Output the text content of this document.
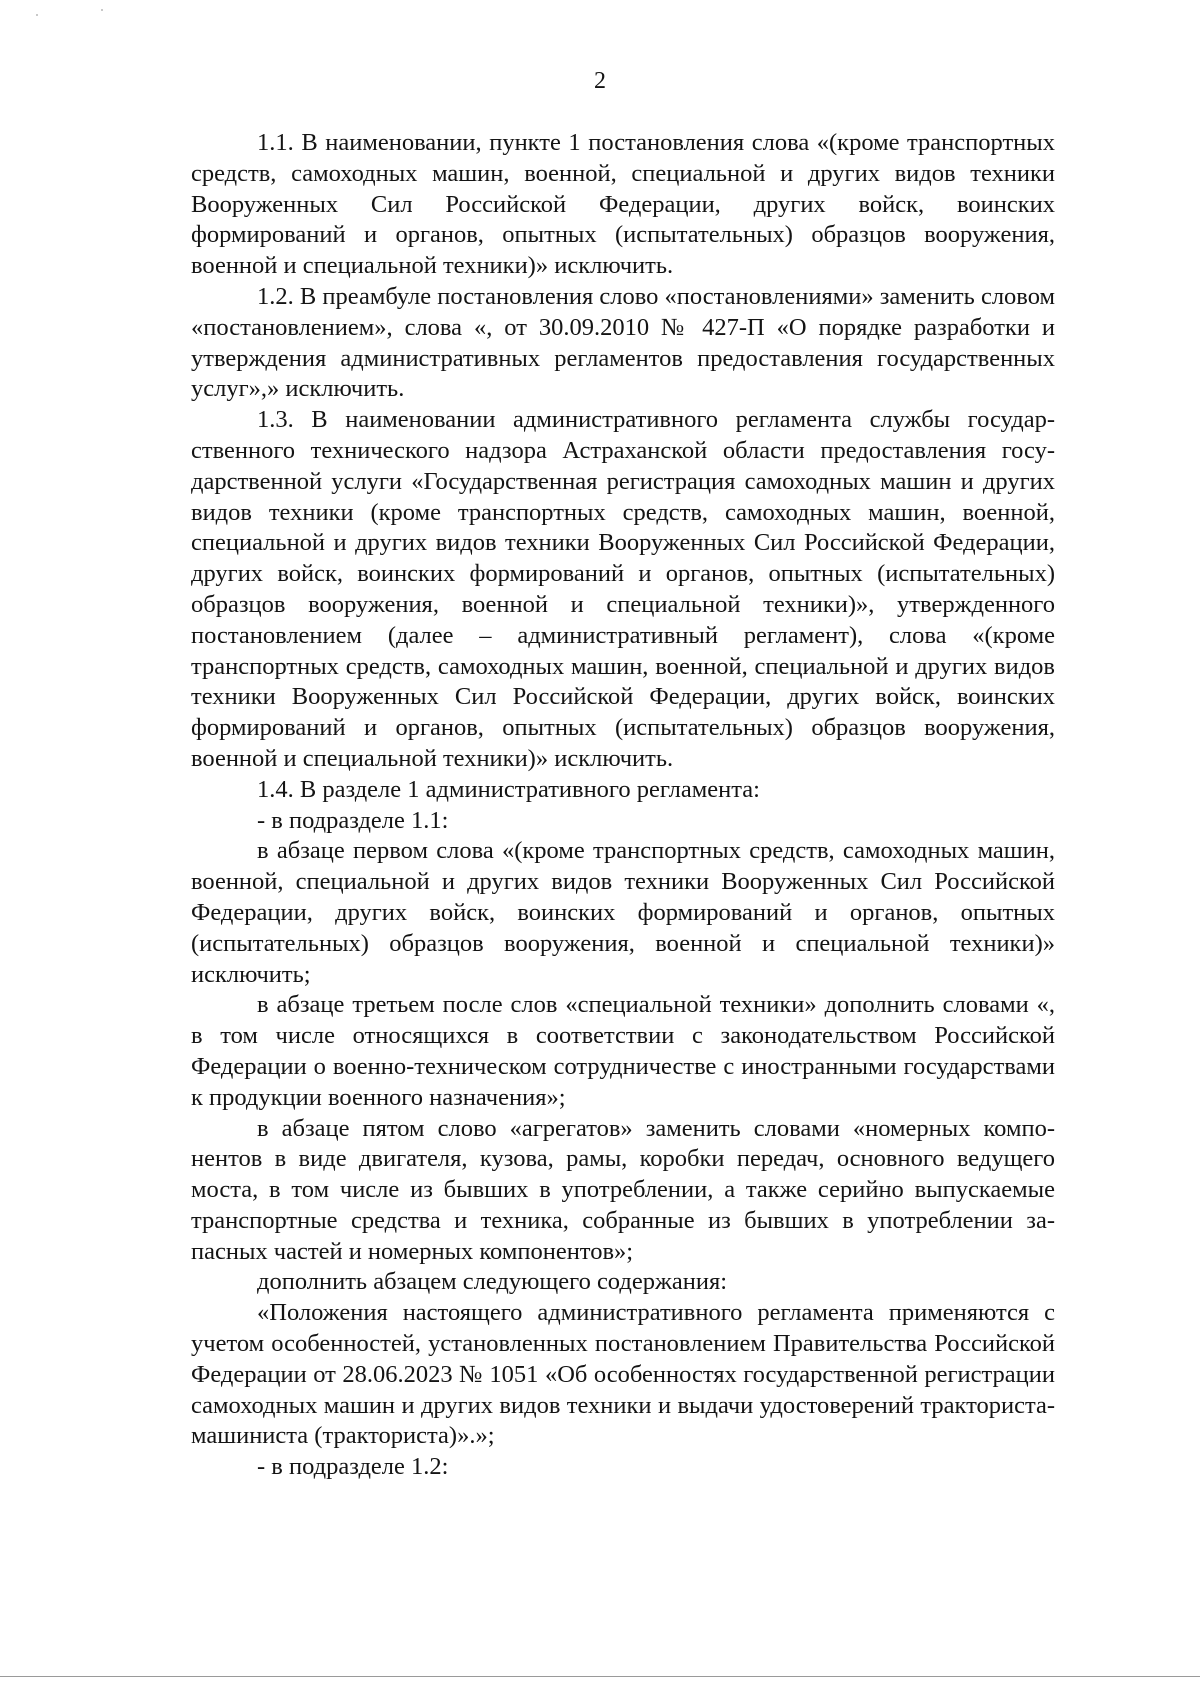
2

1.1. В наименовании, пункте 1 постановления слова «(кроме транспортных средств, самоходных машин, военной, специальной и других видов техники Вооруженных Сил Российской Федерации, других войск, воинских формирований и органов, опытных (испытательных) образцов вооружения, военной и специальной техники)» исключить.

1.2. В преамбуле постановления слово «постановлениями» заменить словом «постановлением», слова «, от 30.09.2010 № 427-П «О порядке разработки и утверждения административных регламентов предоставления государственных услуг»,» исключить.

1.3. В наименовании административного регламента службы государственного технического надзора Астраханской области предоставления государственной услуги «Государственная регистрация самоходных машин и других видов техники (кроме транспортных средств, самоходных машин, военной, специальной и других видов техники Вооруженных Сил Российской Федерации, других войск, воинских формирований и органов, опытных (испытательных) образцов вооружения, военной и специальной техники)», утвержденного постановлением (далее – административный регламент), слова «(кроме транспортных средств, самоходных машин, военной, специальной и других видов техники Вооруженных Сил Российской Федерации, других войск, воинских формирований и органов, опытных (испытательных) образцов вооружения, военной и специальной техники)» исключить.

1.4. В разделе 1 административного регламента:

- в подразделе 1.1:

в абзаце первом слова «(кроме транспортных средств, самоходных машин, военной, специальной и других видов техники Вооруженных Сил Российской Федерации, других войск, воинских формирований и органов, опытных (испытательных) образцов вооружения, военной и специальной техники)» исключить;

в абзаце третьем после слов «специальной техники» дополнить словами «, в том числе относящихся в соответствии с законодательством Российской Федерации о военно-техническом сотрудничестве с иностранными государствами к продукции военного назначения»;

в абзаце пятом слово «агрегатов» заменить словами «номерных компонентов в виде двигателя, кузова, рамы, коробки передач, основного ведущего моста, в том числе из бывших в употреблении, а также серийно выпускаемые транспортные средства и техника, собранные из бывших в употреблении запасных частей и номерных компонентов»;

дополнить абзацем следующего содержания:

«Положения настоящего административного регламента применяются с учетом особенностей, установленных постановлением Правительства Российской Федерации от 28.06.2023 № 1051 «Об особенностях государственной регистрации самоходных машин и других видов техники и выдачи удостоверений тракториста-машиниста (тракториста)».»;

- в подразделе 1.2:
